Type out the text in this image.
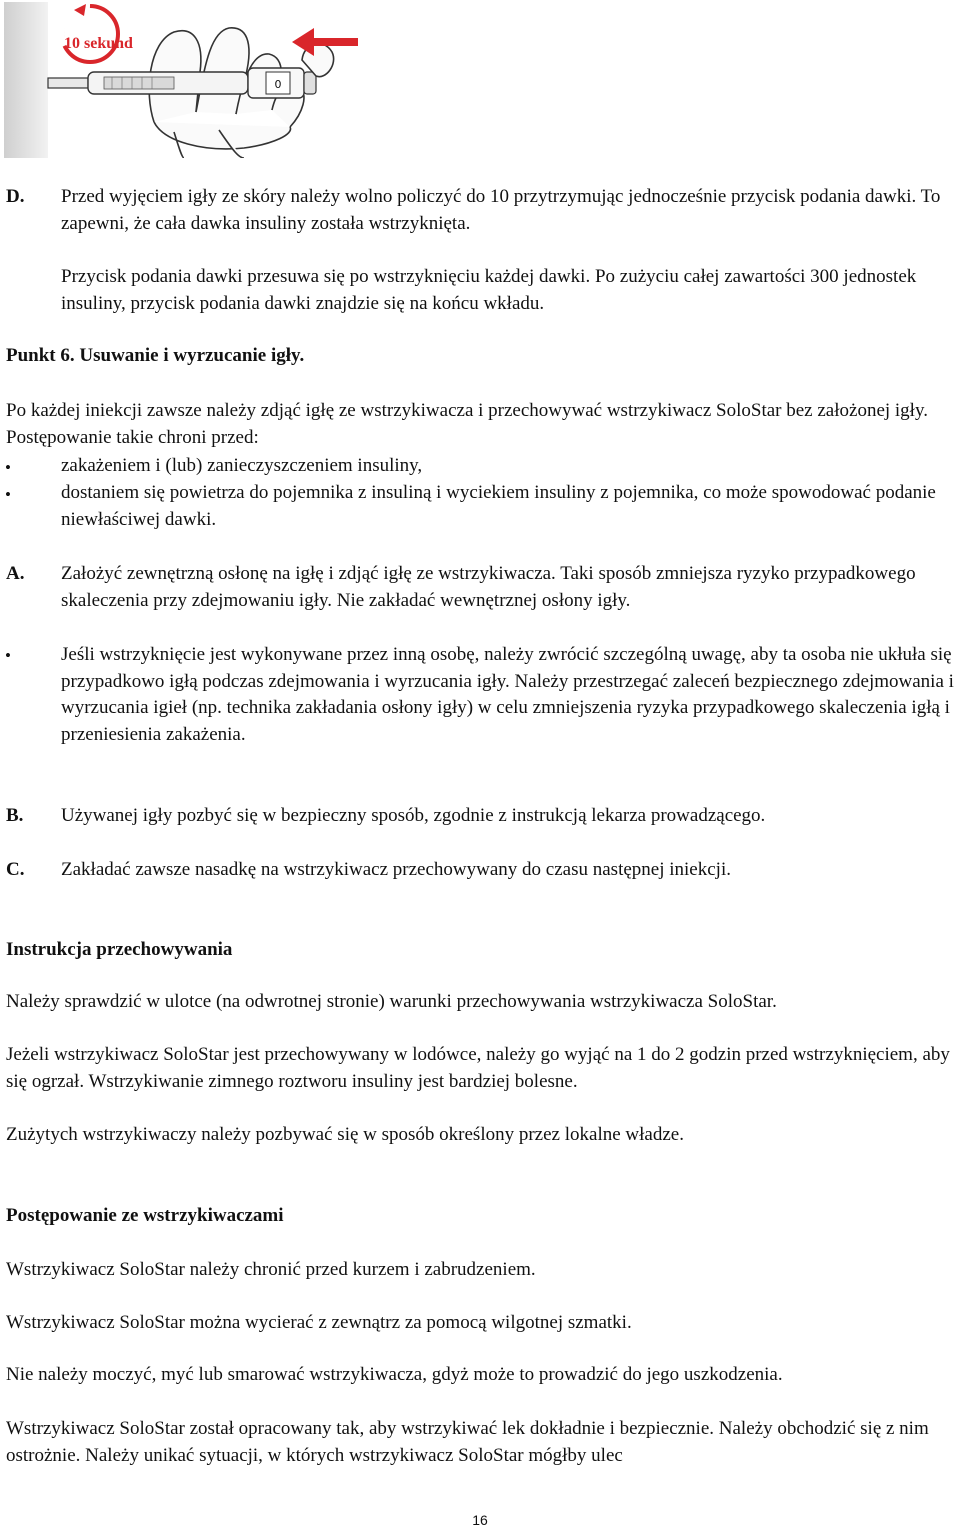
0
10 sekund
D. Przed wyjęciem igły ze skóry należy wolno policzyć do 10 przytrzymując jednocześnie przycisk podania dawki. To zapewni, że cała dawka insuliny została wstrzyknięta.

Przycisk podania dawki przesuwa się po wstrzyknięciu każdej dawki. Po zużyciu całej zawartości 300 jednostek insuliny, przycisk podania dawki znajdzie się na końcu wkładu.

Punkt 6. Usuwanie i wyrzucanie igły.

Po każdej iniekcji zawsze należy zdjąć igłę ze wstrzykiwacza i przechowywać wstrzykiwacz SoloStar bez założonej igły. Postępowanie takie chroni przed:

•	zakażeniem i (lub) zanieczyszczeniem insuliny,

•	dostaniem się powietrza do pojemnika z insuliną i wyciekiem insuliny z pojemnika, co może spowodować podanie niewłaściwej dawki.

A. Założyć zewnętrzną osłonę na igłę i zdjąć igłę ze wstrzykiwacza. Taki sposób zmniejsza ryzyko przypadkowego skaleczenia przy zdejmowaniu igły. Nie zakładać wewnętrznej osłony igły.

•	Jeśli wstrzyknięcie jest wykonywane przez inną osobę, należy zwrócić szczególną uwagę, aby ta osoba nie ukłuła się przypadkowo igłą podczas zdejmowania i wyrzucania igły. Należy przestrzegać zaleceń bezpiecznego zdejmowania i wyrzucania igieł (np. technika zakładania osłony igły) w celu zmniejszenia ryzyka przypadkowego skaleczenia igłą i przeniesienia zakażenia.

B. Używanej igły pozbyć się w bezpieczny sposób, zgodnie z instrukcją lekarza prowadzącego.

C. Zakładać zawsze nasadkę na wstrzykiwacz przechowywany do czasu następnej iniekcji.

Instrukcja przechowywania

Należy sprawdzić w ulotce (na odwrotnej stronie) warunki przechowywania wstrzykiwacza SoloStar.

Jeżeli wstrzykiwacz SoloStar jest przechowywany w lodówce, należy go wyjąć na 1 do 2 godzin przed wstrzyknięciem, aby się ogrzał. Wstrzykiwanie zimnego roztworu insuliny jest bardziej bolesne.

Zużytych wstrzykiwaczy należy pozbywać się w sposób określony przez lokalne władze.

Postępowanie ze wstrzykiwaczami

Wstrzykiwacz SoloStar należy chronić przed kurzem i zabrudzeniem.

Wstrzykiwacz SoloStar można wycierać z zewnątrz za pomocą wilgotnej szmatki.

Nie należy moczyć, myć lub smarować wstrzykiwacza, gdyż może to prowadzić do jego uszkodzenia.

Wstrzykiwacz SoloStar został opracowany tak, aby wstrzykiwać lek dokładnie i bezpiecznie. Należy obchodzić się z nim ostrożnie. Należy unikać sytuacji, w których wstrzykiwacz SoloStar mógłby ulec

16
